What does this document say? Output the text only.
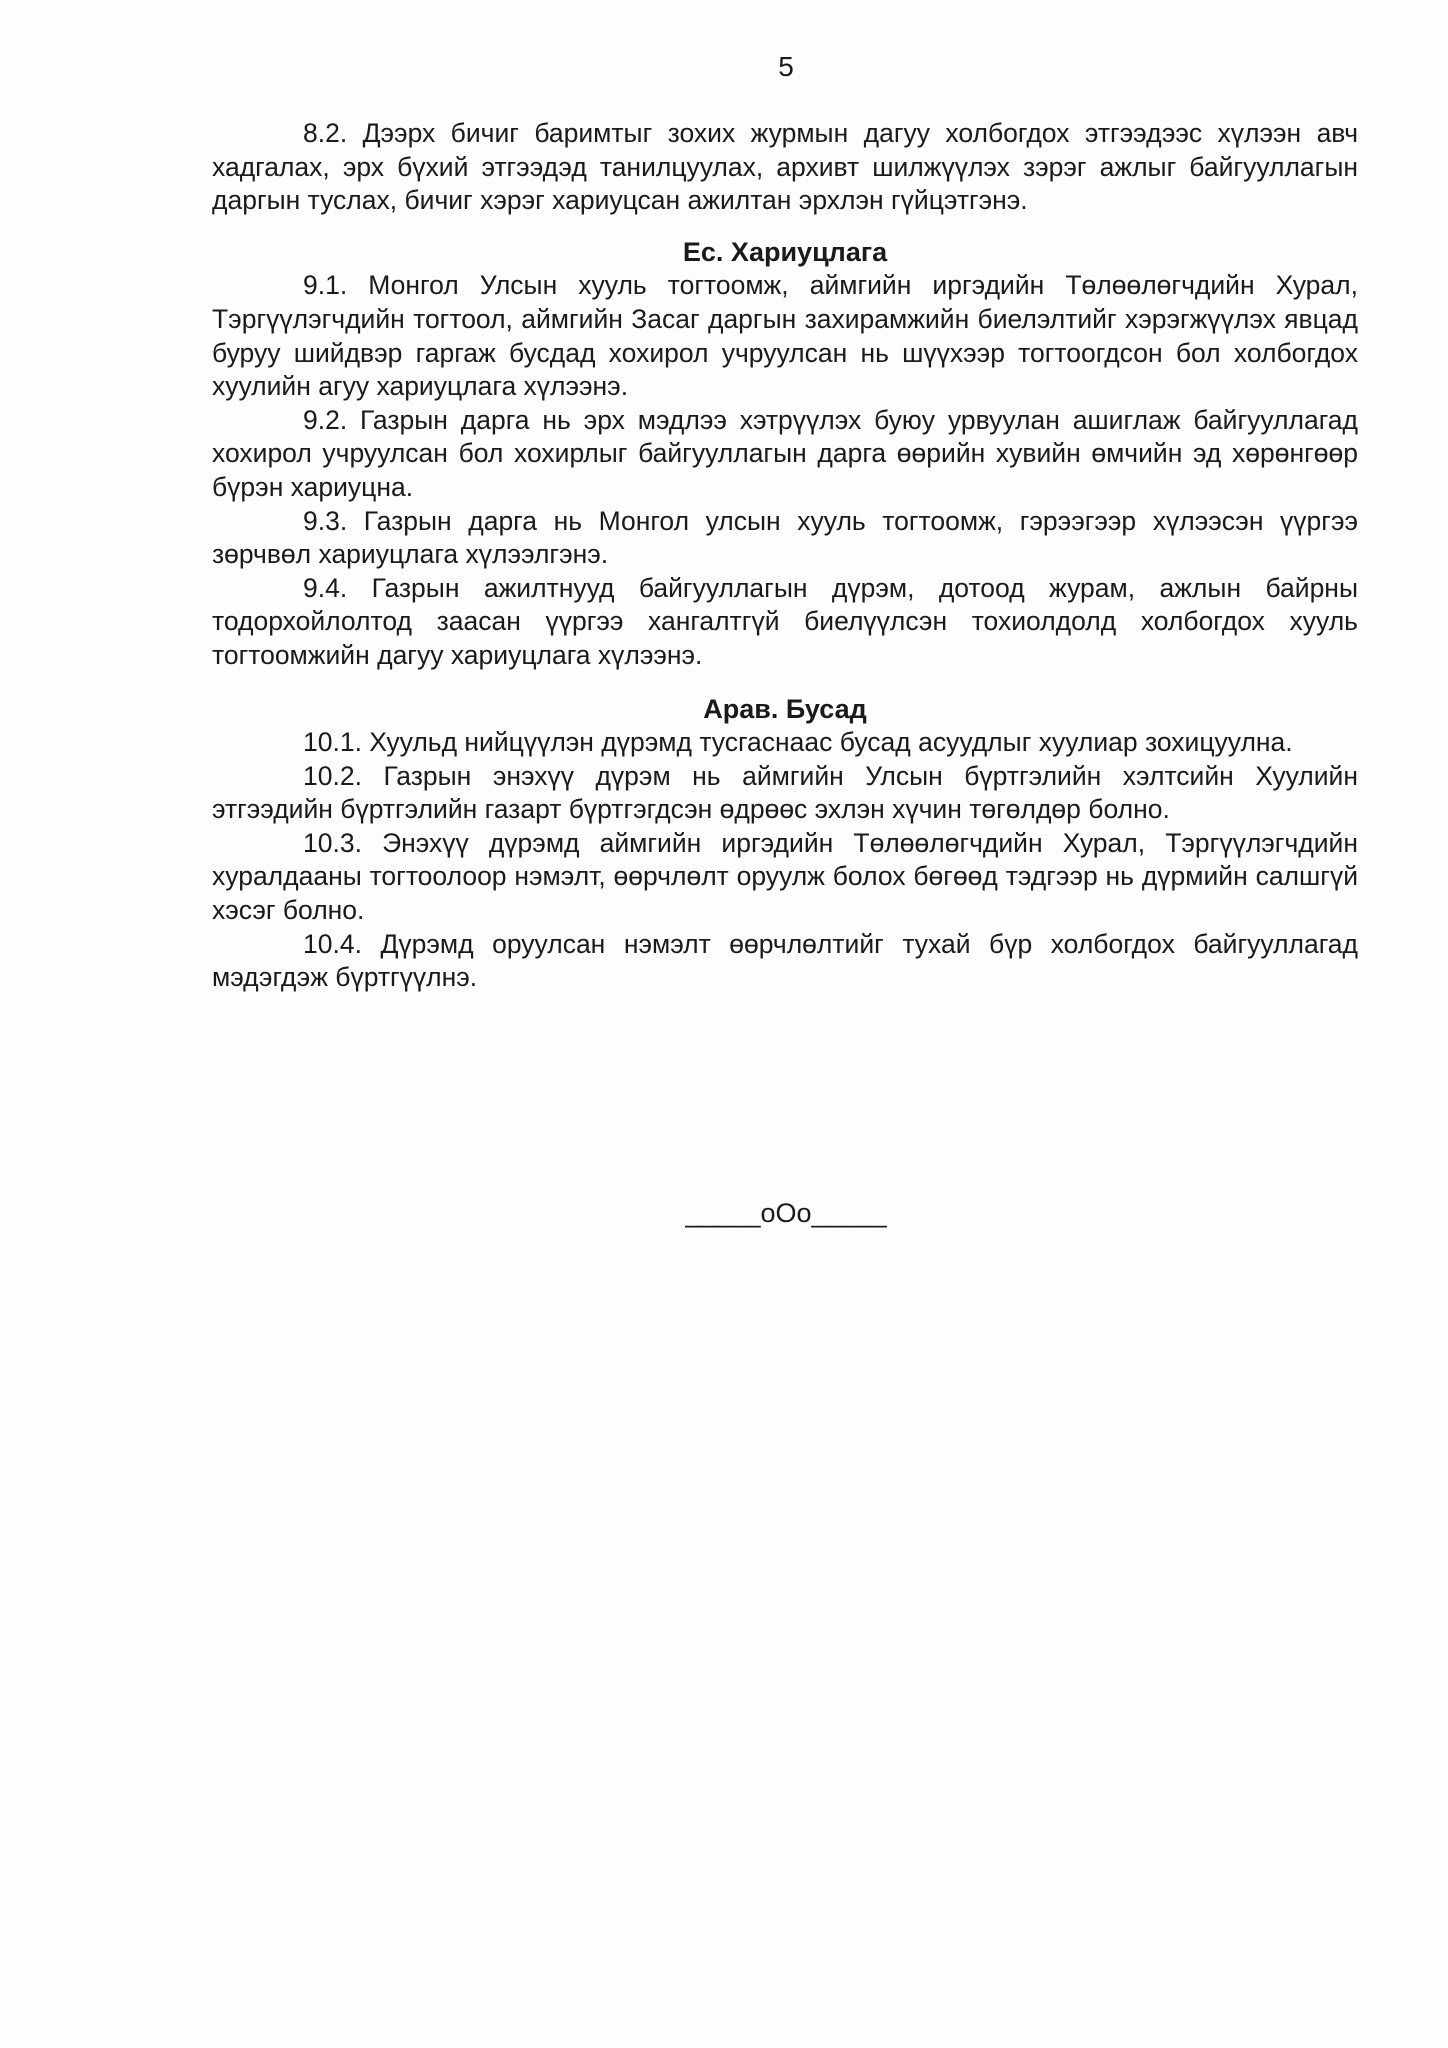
5

8.2. Дээрх бичиг баримтыг зохих журмын дагуу холбогдох этгээдээс хүлээн авч хадгалах, эрх бүхий этгээдэд танилцуулах, архивт шилжүүлэх зэрэг ажлыг байгууллагын даргын туслах, бичиг хэрэг хариуцсан ажилтан эрхлэн гүйцэтгэнэ.

Ес. Хариуцлага

9.1. Монгол Улсын хууль тогтоомж, аймгийн иргэдийн Төлөөлөгчдийн Хурал, Тэргүүлэгчдийн тогтоол, аймгийн Засаг даргын захирамжийн биелэлтийг хэрэгжүүлэх явцад буруу шийдвэр гаргаж бусдад хохирол учруулсан нь шүүхээр тогтоогдсон бол холбогдох хуулийн агуу хариуцлага хүлээнэ.

9.2. Газрын дарга нь эрх мэдлээ хэтрүүлэх буюу урвуулан ашиглаж байгууллагад хохирол учруулсан бол хохирлыг байгууллагын дарга өөрийн хувийн өмчийн эд хөрөнгөөр бүрэн хариуцна.

9.3. Газрын дарга нь Монгол улсын хууль тогтоомж, гэрээгээр хүлээсэн үүргээ зөрчвөл хариуцлага хүлээлгэнэ.

9.4. Газрын ажилтнууд байгууллагын дүрэм, дотоод журам, ажлын байрны тодорхойлолтод заасан үүргээ хангалтгүй биелүүлсэн тохиолдолд холбогдох хууль тогтоомжийн дагуу хариуцлага хүлээнэ.

Арав. Бусад

10.1. Хуульд нийцүүлэн дүрэмд тусгаснаас бусад асуудлыг хуулиар зохицуулна.

10.2. Газрын энэхүү дүрэм нь аймгийн Улсын бүртгэлийн хэлтсийн Хуулийн этгээдийн бүртгэлийн газарт бүртгэгдсэн өдрөөс эхлэн хүчин төгөлдөр болно.

10.3. Энэхүү дүрэмд аймгийн иргэдийн Төлөөлөгчдийн Хурал, Тэргүүлэгчдийн хуралдааны тогтоолоор нэмэлт, өөрчлөлт оруулж болох бөгөөд тэдгээр нь дүрмийн салшгүй хэсэг болно.

10.4. Дүрэмд оруулсан нэмэлт өөрчлөлтийг тухай бүр холбогдох байгууллагад мэдэгдэж бүртгүүлнэ.

_____oOo_____
